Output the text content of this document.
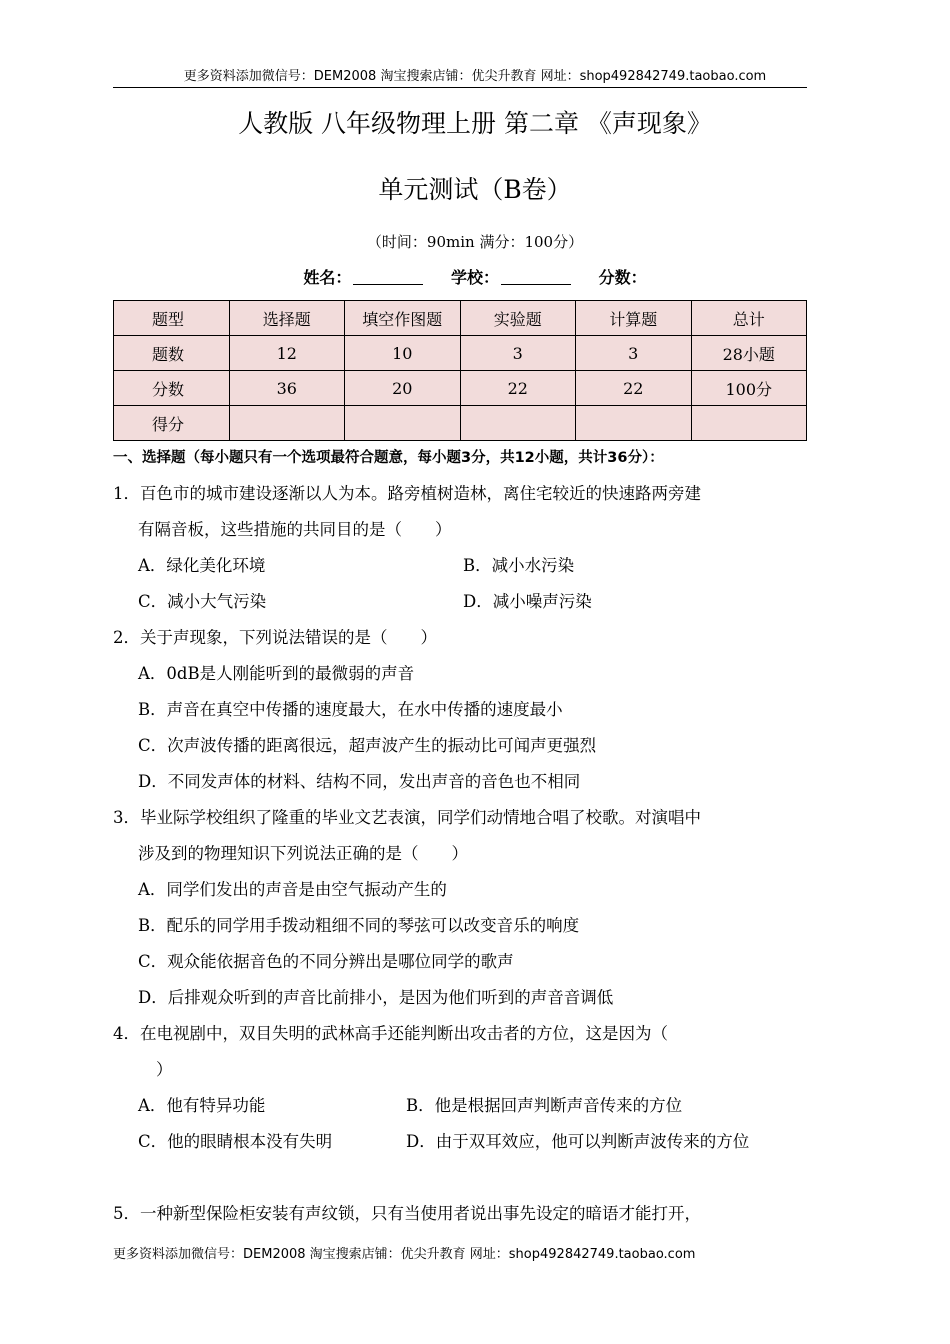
更多资料添加微信号：DEM2008 淘宝搜索店铺：优尖升教育 网址：shop492842749.taobao.com
人教版 八年级物理上册 第二章 《声现象》
单元测试（B卷）
（时间：90min 满分：100分）
姓名：	学校：	分数：
题型	选择题	填空作图题	实验题	计算题	总计
题数	12	10	3	3	28小题
分数	36	20	22	22	100分
得分					
一、选择题（每小题只有一个选项最符合题意，每小题3分，共12小题，共计36分）：
1．百色市的城市建设逐渐以人为本。路旁植树造林，离住宅较近的快速路两旁建
有隔音板，这些措施的共同目的是（　　）
A．绿化美化环境	B．减小水污染
C．减小大气污染	D．减小噪声污染
2．关于声现象，下列说法错误的是（　　）
A．0dB是人刚能听到的最微弱的声音
B．声音在真空中传播的速度最大，在水中传播的速度最小
C．次声波传播的距离很远，超声波产生的振动比可闻声更强烈
D．不同发声体的材料、结构不同，发出声音的音色也不相同
3．毕业际学校组织了隆重的毕业文艺表演，同学们动情地合唱了校歌。对演唱中
涉及到的物理知识下列说法正确的是（　　）
A．同学们发出的声音是由空气振动产生的
B．配乐的同学用手拨动粗细不同的琴弦可以改变音乐的响度
C．观众能依据音色的不同分辨出是哪位同学的歌声
D．后排观众听到的声音比前排小，是因为他们听到的声音音调低
4．在电视剧中，双目失明的武林高手还能判断出攻击者的方位，这是因为（
）
A．他有特异功能	B．他是根据回声判断声音传来的方位
C．他的眼睛根本没有失明	D．由于双耳效应，他可以判断声波传来的方位
5．一种新型保险柜安装有声纹锁，只有当使用者说出事先设定的暗语才能打开，
更多资料添加微信号：DEM2008 淘宝搜索店铺：优尖升教育 网址：shop492842749.taobao.com
